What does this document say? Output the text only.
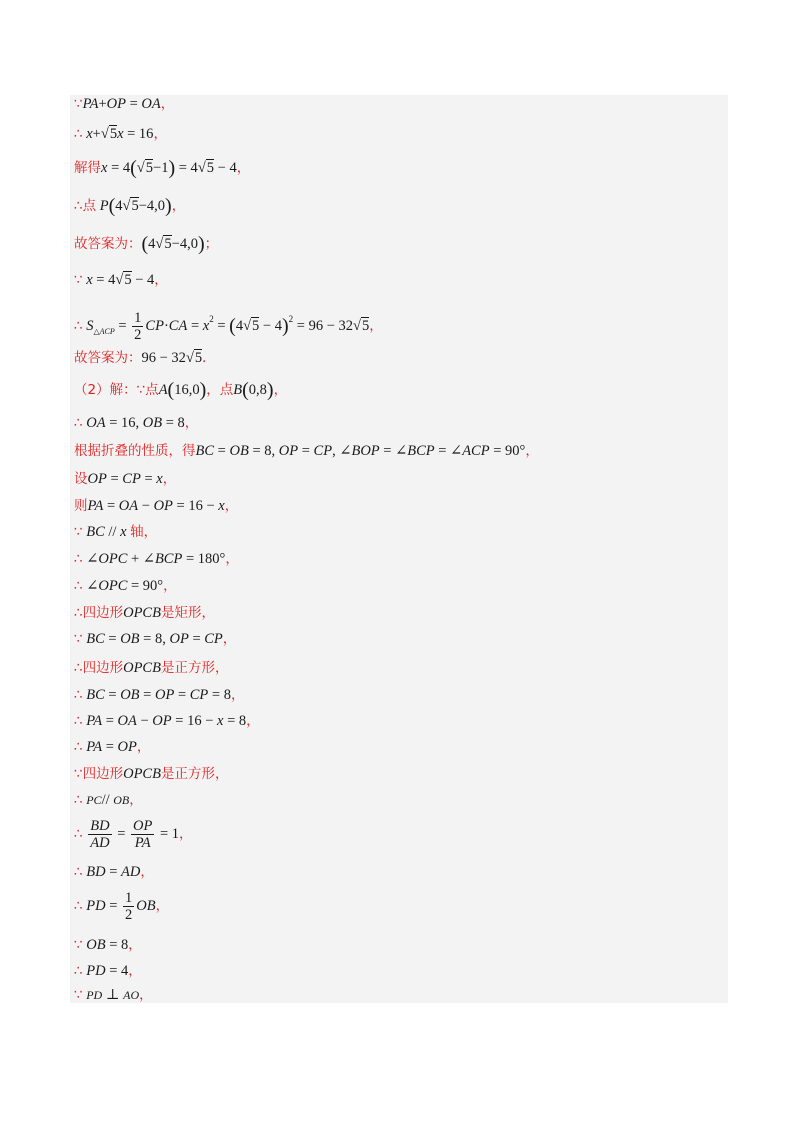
∵PA+OP = OA，
∴ x+√5x = 16，
解得x = 4(√5−1) = 4√5 − 4，
∴点 P(4√5−4,0)，
故答案为：(4√5−4,0)；
∵ x = 4√5 − 4，
∴ $S_{\triangle ACP} = \frac{1}{2} CP\cdot CA = x^2 = (4√5 - 4)^2 = 96 - 32√5$，
故答案为：96 − 32√5．
（2）解：∵点A(16,0)，点B(0,8)，
∴ OA = 16, OB = 8，
根据折叠的性质，得BC = OB = 8, OP = CP, ∠BOP = ∠BCP = ∠ACP = 90°，
设OP = CP = x，
则PA = OA − OP = 16 − x，
∵ BC // x 轴，
∴ ∠OPC + ∠BCP = 180°，
∴ ∠OPC = 90°，
∴四边形OPCB是矩形，
∵ BC = OB = 8, OP = CP，
∴四边形OPCB是正方形，
∴ BC = OB = OP = CP = 8，
∴ PA = OA − OP = 16 − x = 8，
∴ PA = OP，
∵四边形OPCB是正方形，
∴ PC// OB，
∴ $\frac{BD}{AD} = \frac{OP}{PA} = 1$，
∴ BD = AD，
∴ PD = $\frac{1}{2}$ OB，
∵ OB = 8，
∴ PD = 4，
∵ PD ⊥ AO，
